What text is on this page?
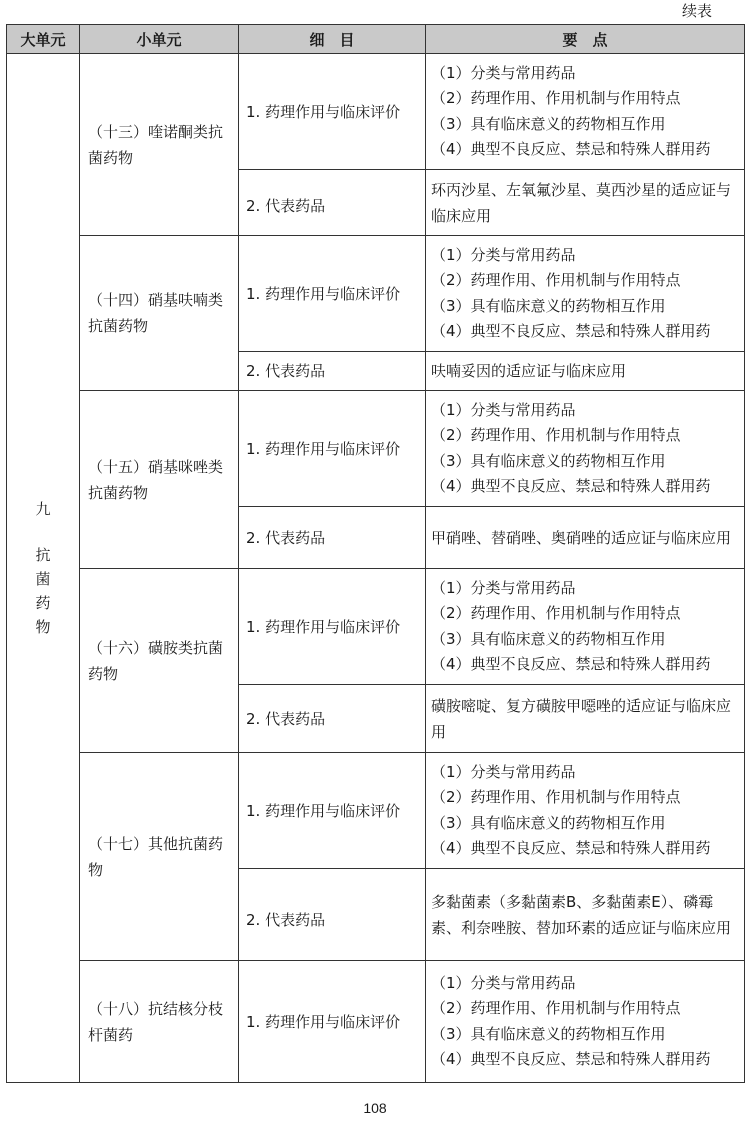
续表
大单元	小单元	细　目	要　点

九
抗
菌
药
物	（十三）喹诺酮类抗菌药物	1. 药理作用与临床评价	（1）分类与常用药品
（2）药理作用、作用机制与作用特点
（3）具有临床意义的药物相互作用
（4）典型不良反应、禁忌和特殊人群用药

		2. 代表药品	环丙沙星、左氧氟沙星、莫西沙星的适应证与临床应用
	（十四）硝基呋喃类抗菌药物	1. 药理作用与临床评价	（1）分类与常用药品
（2）药理作用、作用机制与作用特点
（3）具有临床意义的药物相互作用
（4）典型不良反应、禁忌和特殊人群用药

		2. 代表药品	呋喃妥因的适应证与临床应用
	（十五）硝基咪唑类抗菌药物	1. 药理作用与临床评价	（1）分类与常用药品
（2）药理作用、作用机制与作用特点
（3）具有临床意义的药物相互作用
（4）典型不良反应、禁忌和特殊人群用药

		2. 代表药品	甲硝唑、替硝唑、奥硝唑的适应证与临床应用
	（十六）磺胺类抗菌药物	1. 药理作用与临床评价	（1）分类与常用药品
（2）药理作用、作用机制与作用特点
（3）具有临床意义的药物相互作用
（4）典型不良反应、禁忌和特殊人群用药

		2. 代表药品	磺胺嘧啶、复方磺胺甲噁唑的适应证与临床应用
	（十七）其他抗菌药物	1. 药理作用与临床评价	（1）分类与常用药品
（2）药理作用、作用机制与作用特点
（3）具有临床意义的药物相互作用
（4）典型不良反应、禁忌和特殊人群用药

		2. 代表药品	多黏菌素（多黏菌素B、多黏菌素E）、磷霉素、利奈唑胺、替加环素的适应证与临床应用
	（十八）抗结核分枝杆菌药	1. 药理作用与临床评价	（1）分类与常用药品
（2）药理作用、作用机制与作用特点
（3）具有临床意义的药物相互作用
（4）典型不良反应、禁忌和特殊人群用药
108
